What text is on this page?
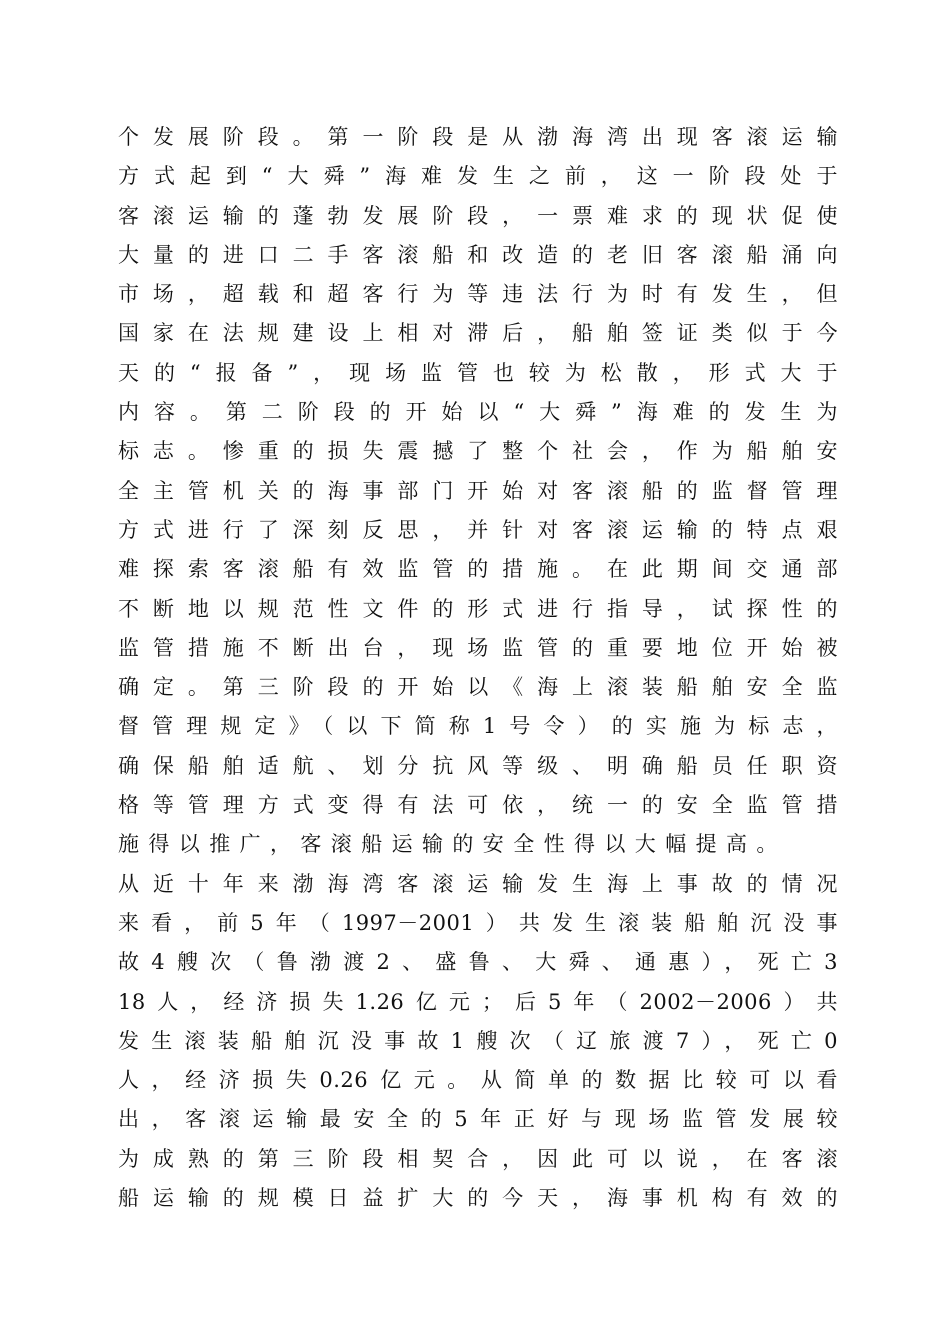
个发展阶段。第一阶段是从渤海湾出现客滚运输
方式起到“大舜”海难发生之前，这一阶段处于
客滚运输的蓬勃发展阶段，一票难求的现状促使
大量的进口二手客滚船和改造的老旧客滚船涌向
市场，超载和超客行为等违法行为时有发生，但
国家在法规建设上相对滞后，船舶签证类似于今
天的“报备”，现场监管也较为松散，形式大于
内容。第二阶段的开始以“大舜”海难的发生为
标志。惨重的损失震撼了整个社会，作为船舶安
全主管机关的海事部门开始对客滚船的监督管理
方式进行了深刻反思，并针对客滚运输的特点艰
难探索客滚船有效监管的措施。在此期间交通部
不断地以规范性文件的形式进行指导，试探性的
监管措施不断出台，现场监管的重要地位开始被
确定。第三阶段的开始以《海上滚装船舶安全监
督管理规定》（以下简称1号令）的实施为标志，
确保船舶适航、划分抗风等级、明确船员任职资
格等管理方式变得有法可依，统一的安全监管措
施得以推广，客滚船运输的安全性得以大幅提高。
从近十年来渤海湾客滚运输发生海上事故的情况
来看，前5年（1997－2001）共发生滚装船舶沉没事
故4艘次（鲁渤渡2、盛鲁、大舜、通惠），死亡3
18人，经济损失1.26亿元；后5年（2002－2006）共
发生滚装船舶沉没事故1艘次（辽旅渡7），死亡0
人，经济损失0.26亿元。从简单的数据比较可以看
出，客滚运输最安全的5年正好与现场监管发展较
为成熟的第三阶段相契合，因此可以说，在客滚
船运输的规模日益扩大的今天，海事机构有效的
